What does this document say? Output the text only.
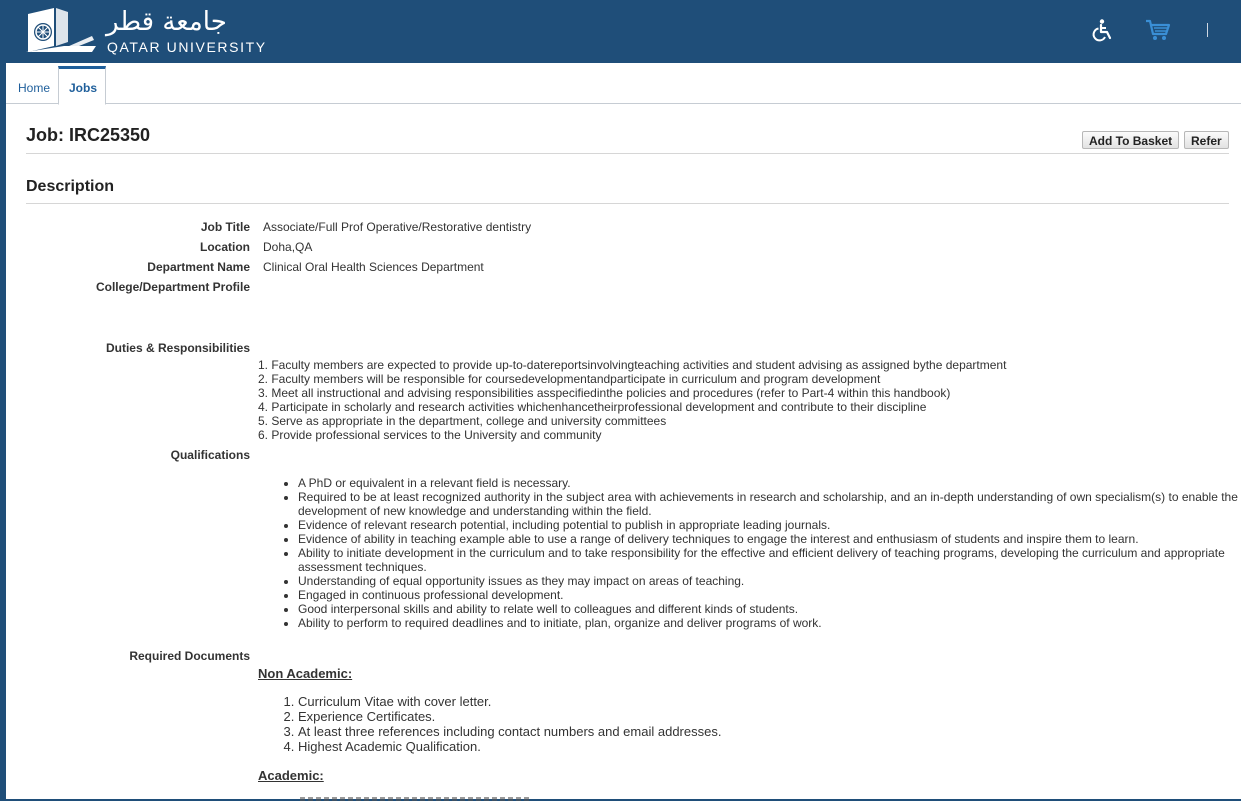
جامعة قطر
QATAR UNIVERSITY
Home	Jobs
Job: IRC25350	Add To Basket	Refer
Description
Job Title Associate/Full Prof Operative/Restorative dentistry
Location Doha,QA
Department Name Clinical Oral Health Sciences Department
College/Department Profile
Duties & Responsibilities
1. Faculty members are expected to provide up-to-datereportsinvolvingteaching activities and student advising as assigned bythe department
2. Faculty members will be responsible for coursedevelopmentandparticipate in curriculum and program development
3. Meet all instructional and advising responsibilities asspecifiedinthe policies and procedures (refer to Part-4 within this handbook)
4. Participate in scholarly and research activities whichenhancetheirprofessional development and contribute to their discipline
5. Serve as appropriate in the department, college and university committees
6. Provide professional services to the University and community
Qualifications
• A PhD or equivalent in a relevant field is necessary.
• Required to be at least recognized authority in the subject area with achievements in research and scholarship, and an in-depth understanding of own specialism(s) to enable the development of new knowledge and understanding within the field.
• Evidence of relevant research potential, including potential to publish in appropriate leading journals.
• Evidence of ability in teaching example able to use a range of delivery techniques to engage the interest and enthusiasm of students and inspire them to learn.
• Ability to initiate development in the curriculum and to take responsibility for the effective and efficient delivery of teaching programs, developing the curriculum and appropriate assessment techniques.
• Understanding of equal opportunity issues as they may impact on areas of teaching.
• Engaged in continuous professional development.
• Good interpersonal skills and ability to relate well to colleagues and different kinds of students.
• Ability to perform to required deadlines and to initiate, plan, organize and deliver programs of work.
Required Documents
Non Academic:
1. Curriculum Vitae with cover letter.
2. Experience Certificates.
3. At least three references including contact numbers and email addresses.
4. Highest Academic Qualification.
Academic:
